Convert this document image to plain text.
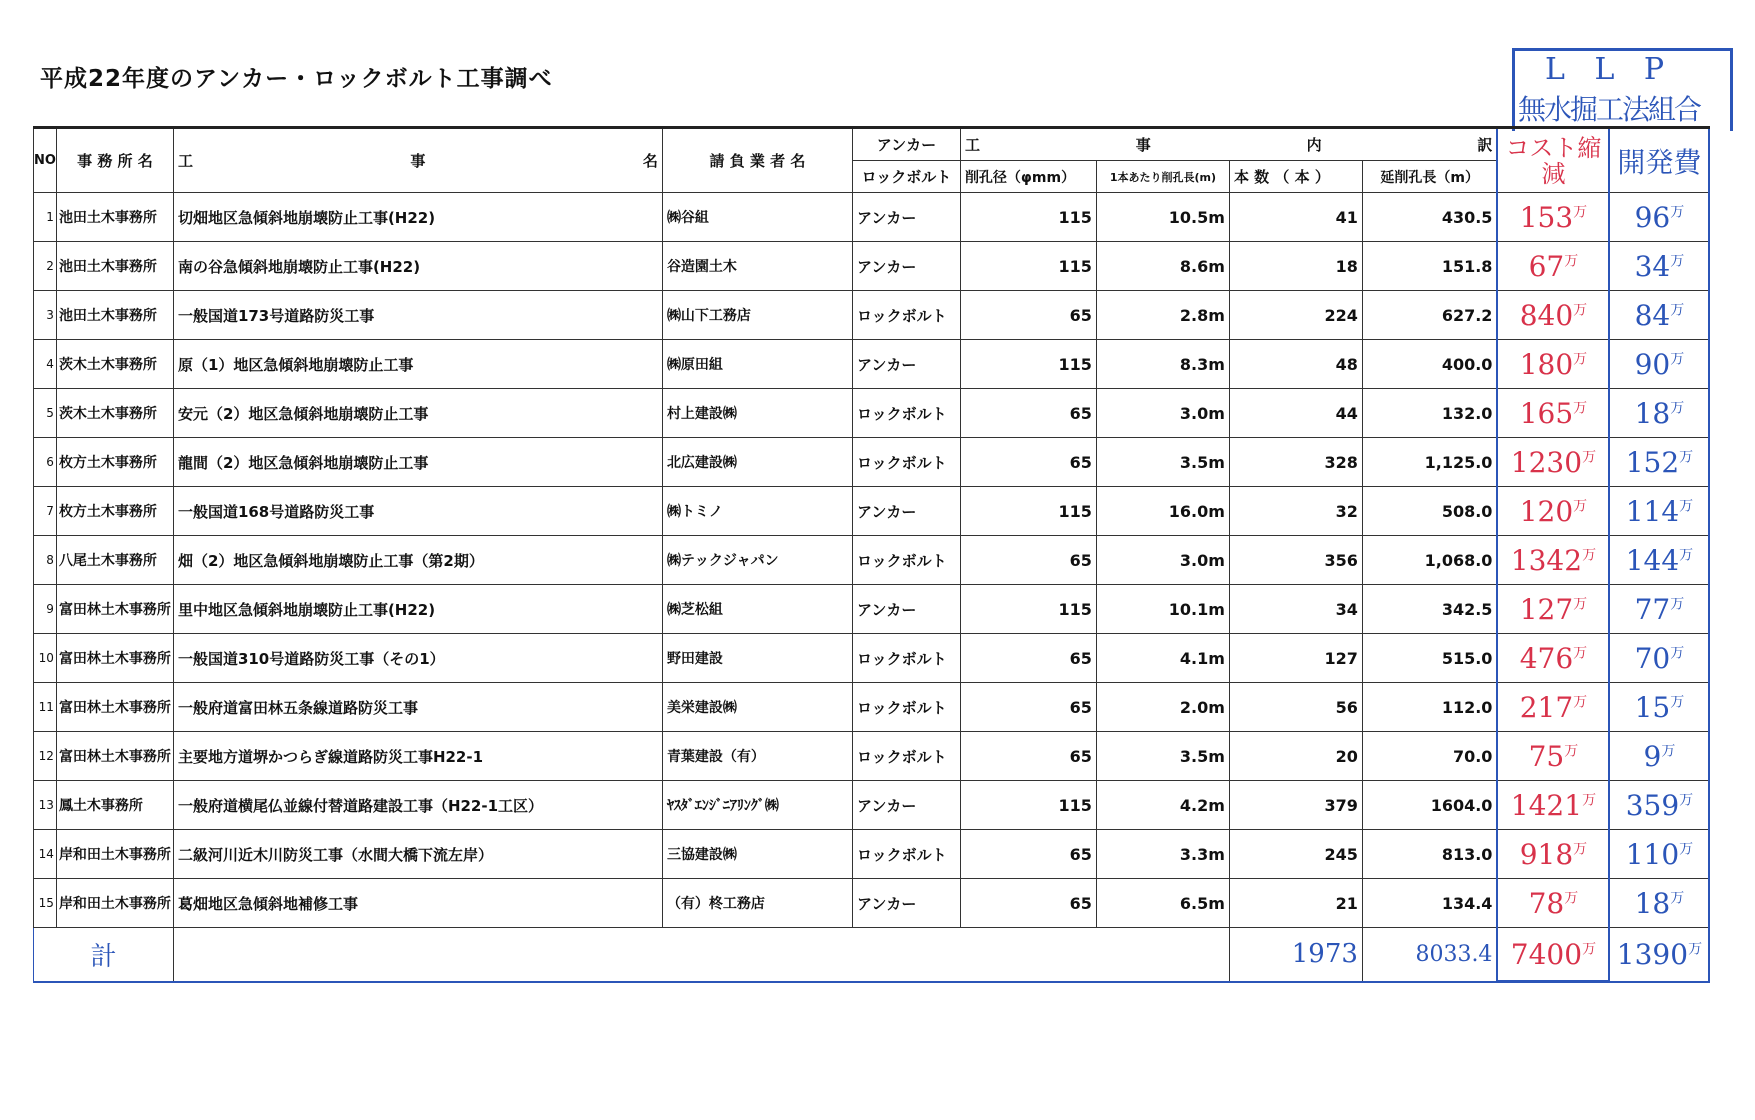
平成22年度のアンカー・ロックボルト工事調べ	L L P
無水掘工法組合
NO	事 務 所 名	工 事 名	請 負 業 者 名	アンカー	工 事 内 訳				コスト縮減	開発費
				ロックボルト	削孔径（φmm）	1本あたり削孔長(m)	本 数 （ 本 ）	延削孔長（m）		
1	池田土木事務所	切畑地区急傾斜地崩壊防止工事(H22)	㈱谷組	アンカー	115	10.5m	41	430.5	$153^万$	$96^万$
2	池田土木事務所	南の谷急傾斜地崩壊防止工事(H22)	谷造園土木	アンカー	115	8.6m	18	151.8	$67^万$	$34^万$
3	池田土木事務所	一般国道173号道路防災工事	㈱山下工務店	ロックボルト	65	2.8m	224	627.2	$840^万$	$84^万$
4	茨木土木事務所	原（1）地区急傾斜地崩壊防止工事	㈱原田組	アンカー	115	8.3m	48	400.0	$180^万$	$90^万$
5	茨木土木事務所	安元（2）地区急傾斜地崩壊防止工事	村上建設㈱	ロックボルト	65	3.0m	44	132.0	$165^万$	$18^万$
6	枚方土木事務所	龍間（2）地区急傾斜地崩壊防止工事	北広建設㈱	ロックボルト	65	3.5m	328	1,125.0	$1230^万$	$152^万$
7	枚方土木事務所	一般国道168号道路防災工事	㈱トミノ	アンカー	115	16.0m	32	508.0	$120^万$	$114^万$
8	八尾土木事務所	畑（2）地区急傾斜地崩壊防止工事（第2期）	㈱テックジャパン	ロックボルト	65	3.0m	356	1,068.0	$1342^万$	$144^万$
9	富田林土木事務所	里中地区急傾斜地崩壊防止工事(H22)	㈱芝松組	アンカー	115	10.1m	34	342.5	$127^万$	$77^万$
10	富田林土木事務所	一般国道310号道路防災工事（その1）	野田建設	ロックボルト	65	4.1m	127	515.0	$476^万$	$70^万$
11	富田林土木事務所	一般府道富田林五条線道路防災工事	美栄建設㈱	ロックボルト	65	2.0m	56	112.0	$217^万$	$15^万$
12	富田林土木事務所	主要地方道堺かつらぎ線道路防災工事H22-1	青葉建設（有）	ロックボルト	65	3.5m	20	70.0	$75^万$	$9^万$
13	鳳土木事務所	一般府道横尾仏並線付替道路建設工事（H22-1工区）	ﾔｽﾀﾞｴﾝｼﾞﾆｱﾘﾝｸﾞ㈱	アンカー	115	4.2m	379	1604.0	$1421^万$	$359^万$
14	岸和田土木事務所	二級河川近木川防災工事（水間大橋下流左岸）	三協建設㈱	ロックボルト	65	3.3m	245	813.0	$918^万$	$110^万$
15	岸和田土木事務所	葛畑地区急傾斜地補修工事	（有）柊工務店	アンカー	65	6.5m	21	134.4	$78^万$	$18^万$
計							1973	8033.4	$7400^万$	$1390^万$
